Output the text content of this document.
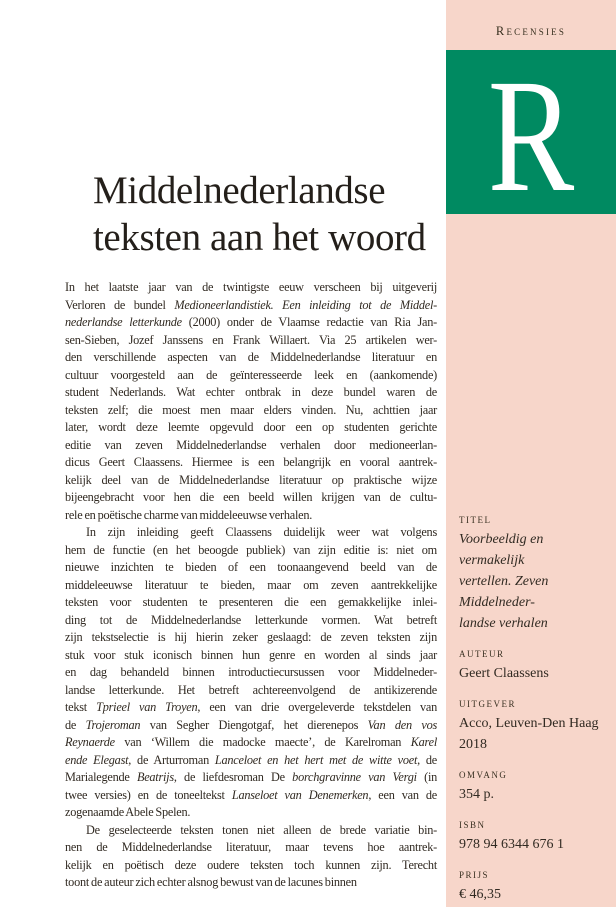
Recensies
R
Middelnederlandse
teksten aan het woord
In het laatste jaar van de twintigste eeuw verscheen bij uitgeverij
Verloren de bundel Medioneerlandistiek. Een inleiding tot de Middel-
nederlandse letterkunde (2000) onder de Vlaamse redactie van Ria Jan-
sen-Sieben, Jozef Janssens en Frank Willaert. Via 25 artikelen wer-
den verschillende aspecten van de Middelnederlandse literatuur en
cultuur voorgesteld aan de geïnteresseerde leek en (aankomende)
student Nederlands. Wat echter ontbrak in deze bundel waren de
teksten zelf; die moest men maar elders vinden. Nu, achttien jaar
later, wordt deze leemte opgevuld door een op studenten gerichte
editie van zeven Middelnederlandse verhalen door medioneerlan-
dicus Geert Claassens. Hiermee is een belangrijk en vooral aantrek-
kelijk deel van de Middelnederlandse literatuur op praktische wijze
bijeengebracht voor hen die een beeld willen krijgen van de cultu-
rele en poëtische charme van middeleeuwse verhalen.
In zijn inleiding geeft Claassens duidelijk weer wat volgens
hem de functie (en het beoogde publiek) van zijn editie is: niet om
nieuwe inzichten te bieden of een toonaangevend beeld van de
middeleeuwse literatuur te bieden, maar om zeven aantrekkelijke
teksten voor studenten te presenteren die een gemakkelijke inlei-
ding tot de Middelnederlandse letterkunde vormen. Wat betreft
zijn tekstselectie is hij hierin zeker geslaagd: de zeven teksten zijn
stuk voor stuk iconisch binnen hun genre en worden al sinds jaar
en dag behandeld binnen introductiecursussen voor Middelneder-
landse letterkunde. Het betreft achtereenvolgend de antikizerende
tekst Tprieel van Troyen, een van drie overgeleverde tekstdelen van
de Trojeroman van Segher Diengotgaf, het dierenepos Van den vos
Reynaerde van ‘Willem die madocke maecte’, de Karelroman Karel
ende Elegast, de Arturroman Lanceloet en het hert met de witte voet, de
Marialegende Beatrijs, de liefdesroman De borchgravinne van Vergi (in
twee versies) en de toneeltekst Lanseloet van Denemerken, een van de
zogenaamde Abele Spelen.
De geselecteerde teksten tonen niet alleen de brede variatie bin-
nen de Middelnederlandse literatuur, maar tevens hoe aantrek-
kelijk en poëtisch deze oudere teksten toch kunnen zijn. Terecht
toont de auteur zich echter alsnog bewust van de lacunes binnen
TITEL
Voorbeeldig en vermakelijk
vertellen. Zeven Middelneder-
landse verhalen
AUTEUR
Geert Claassens
UITGEVER
Acco, Leuven-Den Haag
2018
OMVANG
354 p.
ISBN
978 94 6344 676 1
PRIJS
€ 46,35
